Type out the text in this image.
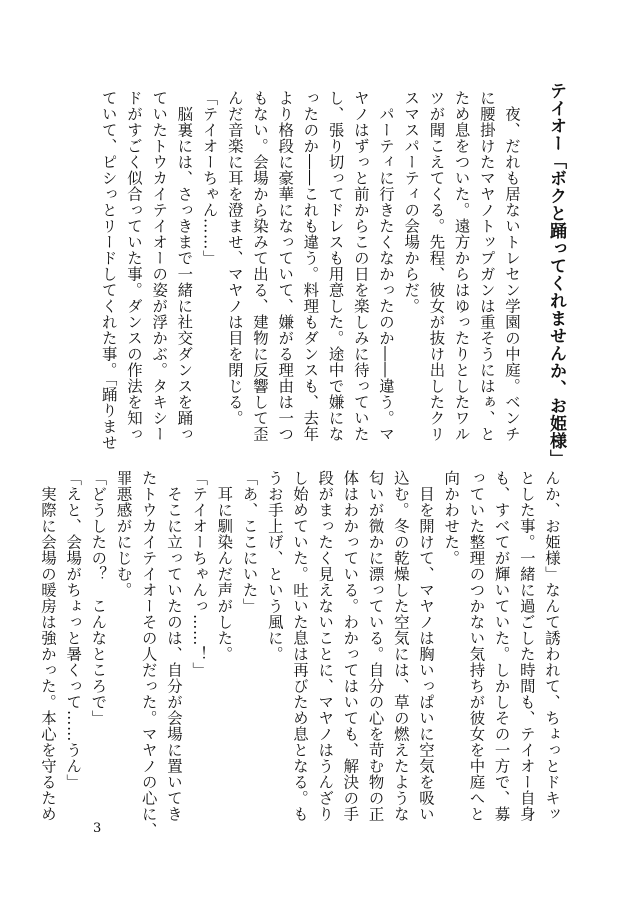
テイオー「ボクと踊ってくれませんか、お姫様」
　夜、だれも居ないトレセン学園の中庭。ベンチ
に腰掛けたマヤノトップガンは重そうにはぁ、と
ため息をついた。遠方からはゆったりとしたワル
ツが聞こえてくる。先程、彼女が抜け出したクリ
スマスパーティの会場からだ。
　パーティに行きたくなかったのか――違う。マ
ヤノはずっと前からこの日を楽しみに待っていた
し、張り切ってドレスも用意した。途中で嫌にな
ったのか――これも違う。料理もダンスも、去年
より格段に豪華になっていて、嫌がる理由は一つ
もない。会場から染みて出る、建物に反響して歪
んだ音楽に耳を澄ませ、マヤノは目を閉じる。
「テイオーちゃん……」
　脳裏には、さっきまで一緒に社交ダンスを踊っ
ていたトウカイテイオーの姿が浮かぶ。タキシー
ドがすごく似合っていた事。ダンスの作法を知っ
ていて、ピシっとリードしてくれた事。「踊りませ
んか、お姫様」なんて誘われて、ちょっとドキッ
とした事。一緒に過ごした時間も、テイオー自身
も、すべてが輝いていた。しかしその一方で、募
っていた整理のつかない気持ちが彼女を中庭へと
向かわせた。
　目を開けて、マヤノは胸いっぱいに空気を吸い
込む。冬の乾燥した空気には、草の燃えたような
匂いが微かに漂っている。自分の心を苛む物の正
体はわかっている。わかってはいても、解決の手
段がまったく見えないことに、マヤノはうんざり
し始めていた。吐いた息は再びため息となる。も
うお手上げ、という風に。
「あ、ここにいた」
　耳に馴染んだ声がした。
「テイオーちゃんっ……！」
　そこに立っていたのは、自分が会場に置いてき
たトウカイテイオーその人だった。マヤノの心に、
罪悪感がにじむ。
「どうしたの？　こんなところで」
「えと、会場がちょっと暑くって……うん」
　実際に会場の暖房は強かった。本心を守るため

3
